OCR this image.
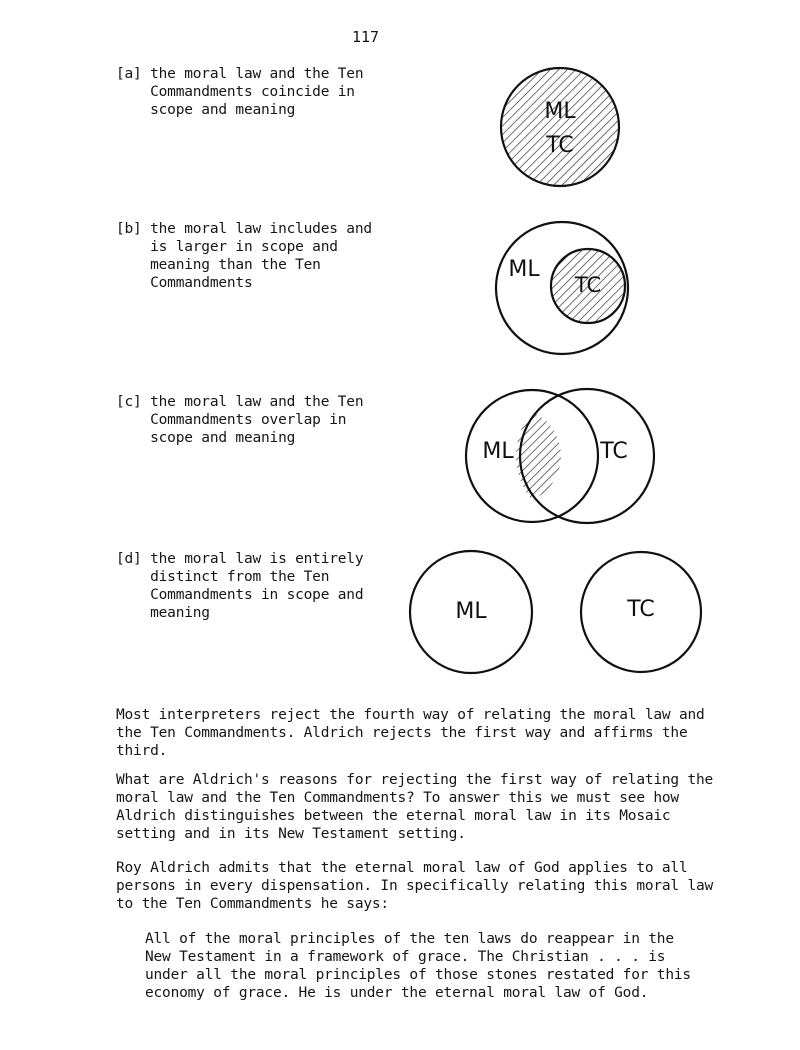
117
[a] the moral law and the Ten
Commandments coincide in
scope and meaning
[b] the moral law includes and
is larger in scope and
meaning than the Ten
Commandments
[c] the moral law and the Ten
Commandments overlap in
scope and meaning
[d] the moral law is entirely
distinct from the Ten
Commandments in scope and
meaning
ML
TC
ML
TC
ML	TC
ML	TC
Most interpreters reject the fourth way of relating the moral law and the Ten Commandments. Aldrich rejects the first way and affirms the third.
What are Aldrich's reasons for rejecting the first way of relating the moral law and the Ten Commandments? To answer this we must see how Aldrich distinguishes between the eternal moral law in its Mosaic setting and in its New Testament setting.
Roy Aldrich admits that the eternal moral law of God applies to all persons in every dispensation. In specifically relating this moral law to the Ten Commandments he says:
All of the moral principles of the ten laws do reappear in the New Testament in a framework of grace. The Christian . . . is under all the moral principles of those stones restated for this economy of grace. He is under the eternal moral law of God.
